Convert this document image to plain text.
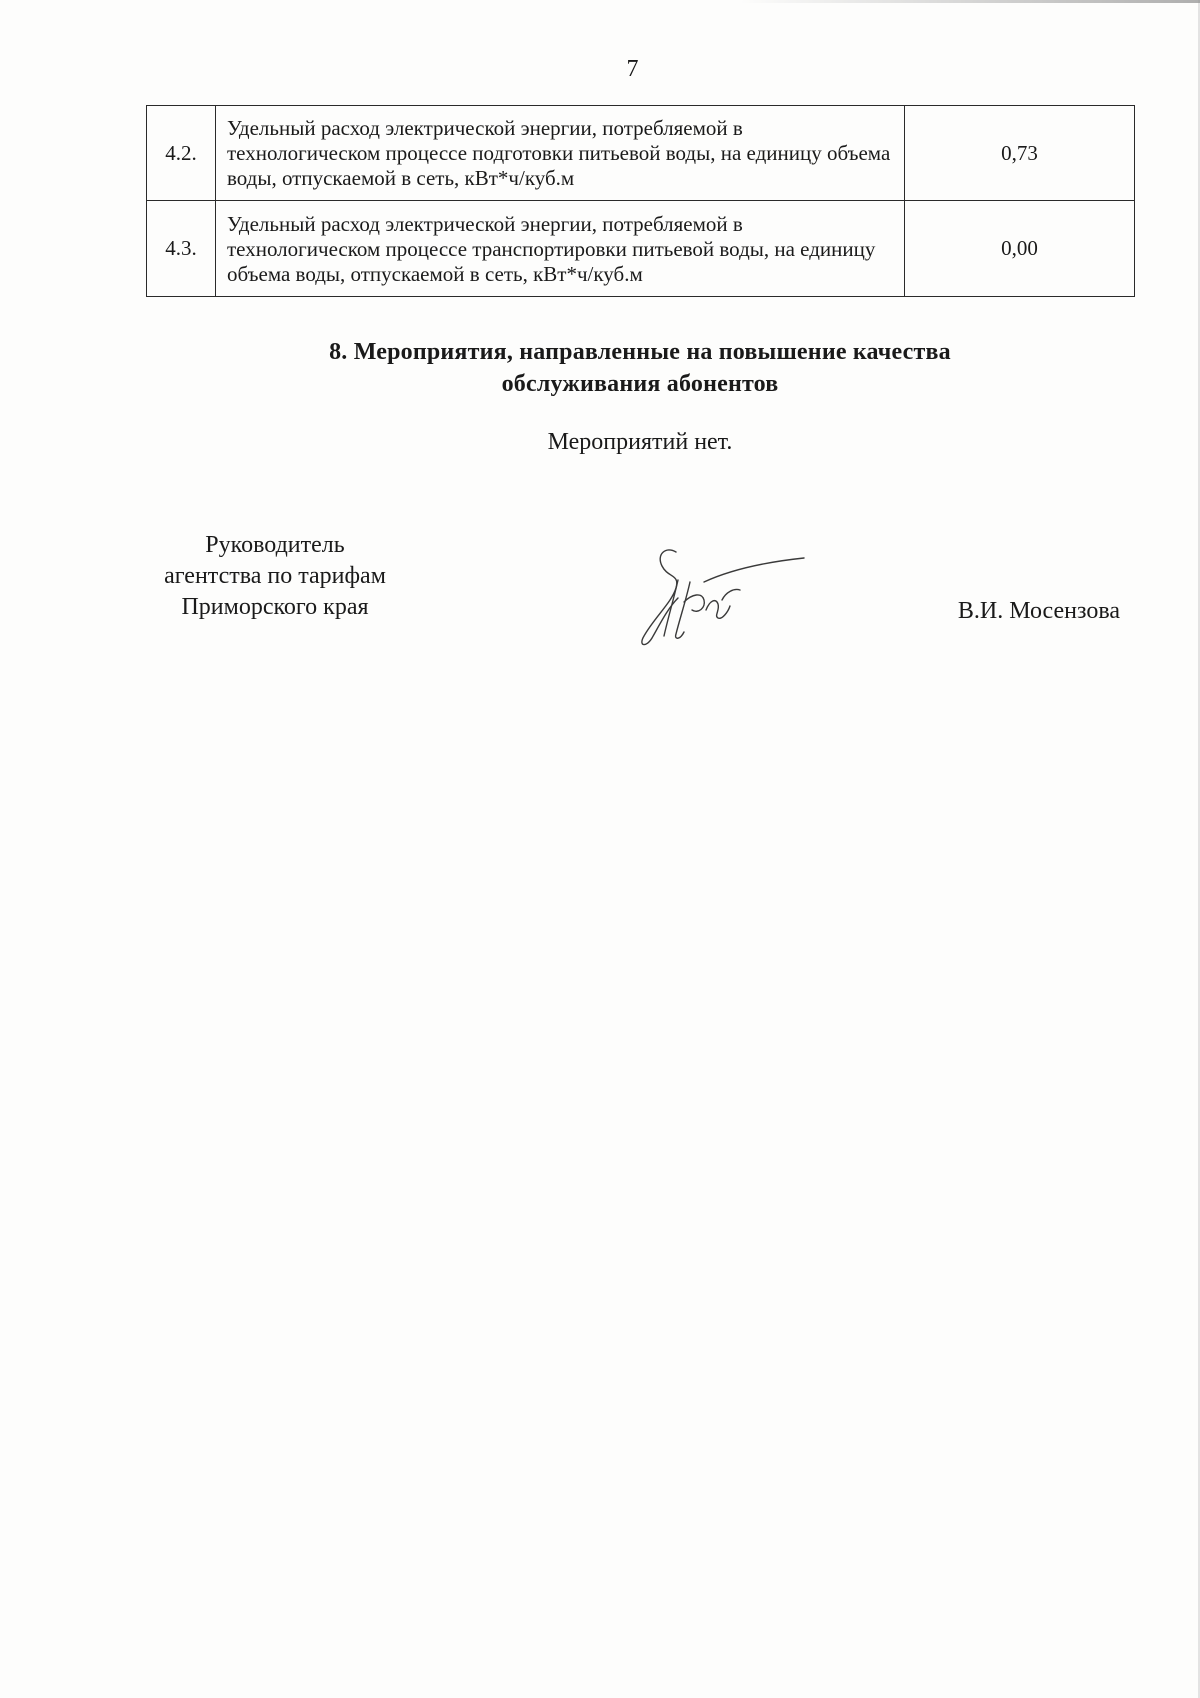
7
4.2.	Удельный расход электрической энергии, потребляемой в технологическом процессе подготовки питьевой воды, на единицу объема воды, отпускаемой в сеть, кВт*ч/куб.м	0,73
4.3.	Удельный расход электрической энергии, потребляемой в технологическом процессе транспортировки питьевой воды, на единицу объема воды, отпускаемой в сеть, кВт*ч/куб.м	0,00
8. Мероприятия, направленные на повышение качества
обслуживания абонентов
Мероприятий нет.
Руководитель
агентства по тарифам
Приморского края	В.И. Мосензова
